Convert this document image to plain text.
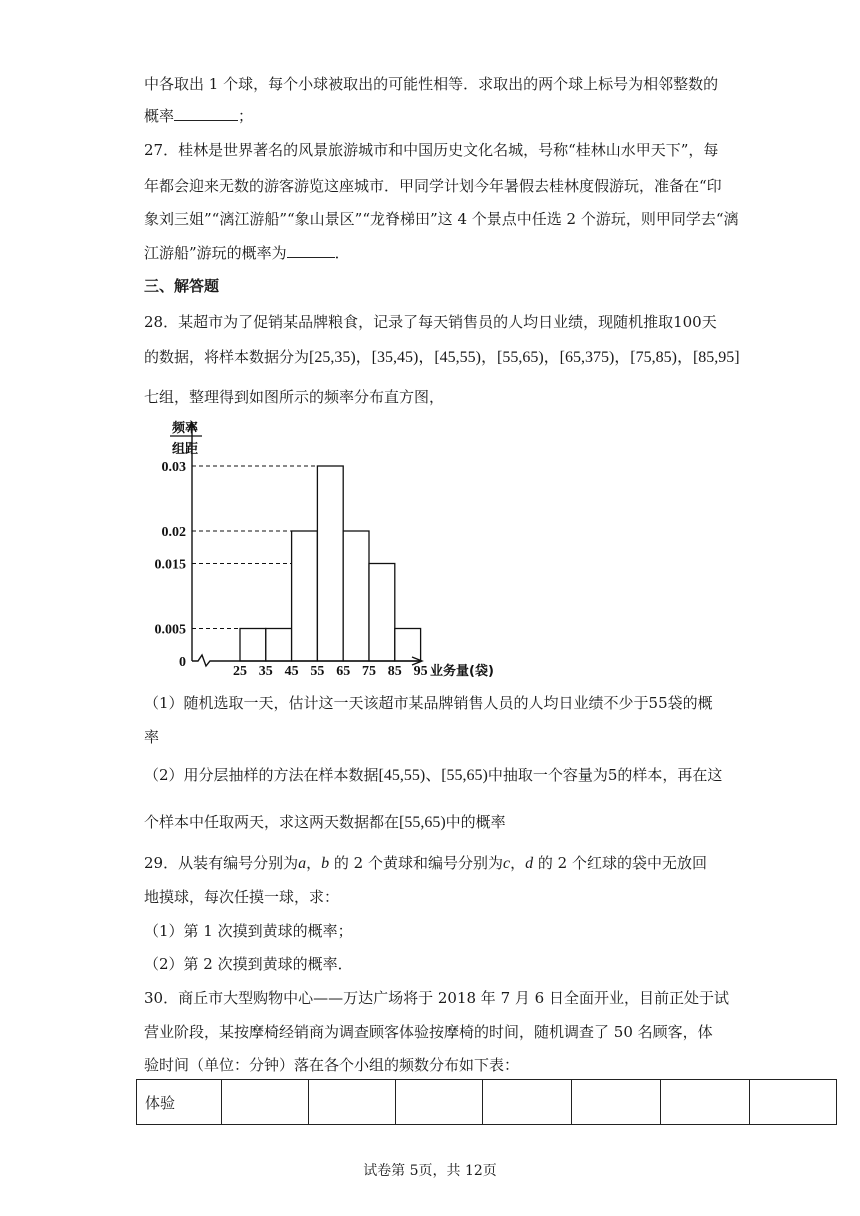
中各取出 1 个球，每个小球被取出的可能性相等．求取出的两个球上标号为相邻整数的
概率	；
27．桂林是世界著名的风景旅游城市和中国历史文化名城，号称“桂林山水甲天下”，每
年都会迎来无数的游客游览这座城市．甲同学计划今年暑假去桂林度假游玩，准备在“印
象刘三姐”“漓江游船”“象山景区”“龙脊梯田”这 4 个景点中任选 2 个游玩，则甲同学去“漓
江游船”游玩的概率为	．
三、解答题
28．某超市为了促销某品牌粮食，记录了每天销售员的人均日业绩，现随机推取100天
的数据，将样本数据分为[25,35)，[35,45)，[45,55)，[55,65)，[65,375)，[75,85)，[85,95]
七组，整理得到如图所示的频率分布直方图，
0.03
0.02
0.015
0.005
0
25 35 45 55 65 75 85 95
频率
组距
业务量(袋)
（1）随机选取一天，估计这一天该超市某品牌销售人员的人均日业绩不少于55袋的概
率
（2）用分层抽样的方法在样本数据[45,55)、[55,65)中抽取一个容量为5的样本，再在这
个样本中任取两天，求这两天数据都在[55,65)中的概率
29．从装有编号分别为a，b 的 2 个黄球和编号分别为c，d 的 2 个红球的袋中无放回
地摸球，每次任摸一球，求：
（1）第 1 次摸到黄球的概率；
（2）第 2 次摸到黄球的概率．
30．商丘市大型购物中心——万达广场将于 2018 年 7 月 6 日全面开业，目前正处于试
营业阶段，某按摩椅经销商为调查顾客体验按摩椅的时间，随机调查了 50 名顾客，体
验时间（单位：分钟）落在各个小组的频数分布如下表：
体验							
试卷第 5页，共 12页
